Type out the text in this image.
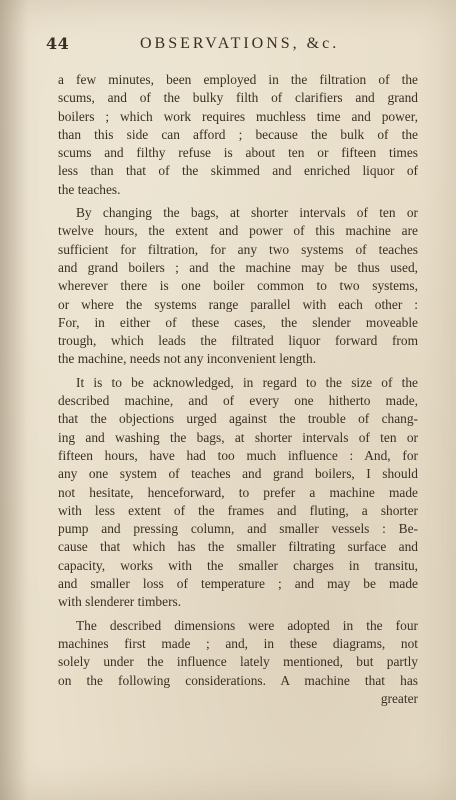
44	OBSERVATIONS, &c.
a few minutes, been employed in the filtration of the
scums, and of the bulky filth of clarifiers and grand
boilers ; which work requires muchless time and power,
than this side can afford ; because the bulk of the
scums and filthy refuse is about ten or fifteen times
less than that of the skimmed and enriched liquor of
the teaches.
By changing the bags, at shorter intervals of ten or
twelve hours, the extent and power of this machine are
sufficient for filtration, for any two systems of teaches
and grand boilers ; and the machine may be thus used,
wherever there is one boiler common to two systems,
or where the systems range parallel with each other :
For, in either of these cases, the slender moveable
trough, which leads the filtrated liquor forward from
the machine, needs not any inconvenient length.
It is to be acknowledged, in regard to the size of the
described machine, and of every one hitherto made,
that the objections urged against the trouble of chang-
ing and washing the bags, at shorter intervals of ten or
fifteen hours, have had too much influence : And, for
any one system of teaches and grand boilers, I should
not hesitate, henceforward, to prefer a machine made
with less extent of the frames and fluting, a shorter
pump and pressing column, and smaller vessels : Be-
cause that which has the smaller filtrating surface and
capacity, works with the smaller charges in transitu,
and smaller loss of temperature ; and may be made
with slenderer timbers.
The described dimensions were adopted in the four
machines first made ; and, in these diagrams, not
solely under the influence lately mentioned, but partly
on the following considerations. A machine that has
greater
